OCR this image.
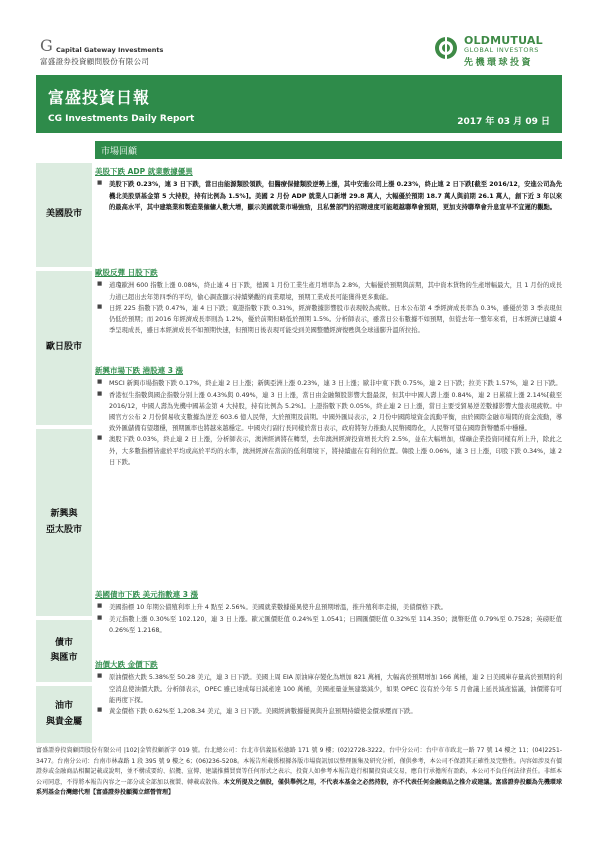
G Capital Gateway Investments
富盛證券投資顧問股份有限公司
OLDMUTUAL
GLOBAL INVESTORS
先機環球投資
富盛投資日報
CG Investments Daily Report	2017 年 03 月 09 日
市場回顧
美國股市
歐日股市
新興與
亞太股市
債市
與匯市
油市
與貴金屬
美股下跌 ADP 就業數據優異
■ 美股下跌 0.23%，連 3 日下跌，當日由能源類股領跌，但醫療保健類股逆勢上漲，其中安進公司上漲 0.23%，終止連 2 日下跌[截至 2016/12，安進公司為先機北美股票基金第 5 大持股，持有比例為 1.5%]。美國 2 月份 ADP 就業人口新增 29.8 萬人，大幅優於預期 18.7 萬人與前期 26.1 萬人，創下近 3 年以來的最高水平，其中建築業和製造業僱傭人數大增，顯示美國就業市場強勁，且私營部門的招聘速度可能超越聯準會預期，更加支持聯準會升息宣早不宜遲的觀點。
歐股反彈 日股下跌
■ 道瓊歐洲 600 指數上漲 0.08%，終止連 4 日下跌，德國 1 月份工業生產月增率為 2.8%，大幅優於預期與前期，其中資本貨物的生產增幅最大，且 1 月份的成長力道已超出去年第四季的平均，偷心調查顯示持續樂觀的商業環境，預期工業成長可能獲得更多動能。
■ 日經 225 指數下跌 0.47%，連 4 日下跌；東證指數下跌 0.31%，經濟數據影響股市表現較為疲軟。日本公布第 4 季經濟成長率為 0.3%，雖優於第 3 季表現但仍低於預期；而 2016 年經濟成長率則為 1.2%，優於前期但略低於預期 1.5%。分析師表示，雖當日公布數據不如預期，但從去年一整年來看，日本經濟已連續 4 季呈現成長，雖日本經濟成長不如預期快速，但預期日後表現可能受到美國整體經濟復甦與全球通膨升溫所拉抬。
新興市場下跌 港股連 3 漲
■ MSCI 新興市場指數下跌 0.17%，終止連 2 日上漲；新興亞洲上漲 0.23%，連 3 日上漲；歐非中東下跌 0.75%，連 2 日下跌；拉美下跌 1.57%，連 2 日下跌。
■ 香港恒生指數與國企指數分別上漲 0.43%與 0.49%，連 3 日上漲，當日由金融類股影響大盤最深，但其中中國人壽上漲 0.84%，連 2 日累積上漲 2.14%[截至 2016/12，中國人壽為先機中國基金第 4 大持股，持有比例為 5.2%]。上證指數下跌 0.05%，終止連 2 日上漲，當日主要受貿易逆差數據影響大盤表現疲軟。中國官方公布 2 月份貿易收支數據為逆差 603.6 億人民幣，大於預期及前期。中國外匯局表示，2 月份中國跨境資金流動平衡，由於國際金融市場間的資金流動，導致外匯儲備有望趨穩，預期匯率也將越來越穩定。中國央行副行長同樣於當日表示，政府將努力推動人民幣國際化，人民幣可望在國際貨幣體系中穩穩。
■ 澳股下跌 0.03%，終止連 2 日上漲，分析師表示，澳洲經濟將在轉型，去年澳洲經濟投資增長大約 2.5%，並在大幅增加，煤礦企業投資同樣有所上升，除此之外，大多數指標皆處於平均或高於平均的水準，澳洲經濟在當前的低利環境下，將持續處在有利的位置。韓股上漲 0.06%，連 3 日上漲，印股下跌 0.34%，連 2 日下跌。
美國債市下跌 美元指數連 3 漲
■ 美國指標 10 年期公債殖利率上升 4 點至 2.56%。美國就業數據優異使升息預期增溫，推升殖利率走揚，美債價格下跌。
■ 美元指數上漲 0.30%至 102.120，連 3 日上漲。歐元匯價貶值 0.24%至 1.0541；日圓匯價貶值 0.32%至 114.350；澳幣貶值 0.79%至 0.7528；英磅貶值 0.26%至 1.2168。
油價大跌 金價下跌
■ 原油價格大跌 5.38%至 50.28 美元，連 3 日下跌。美國上周 EIA 原油庫存變化為增加 821 萬桶，大幅高於預期增加 166 萬桶，連 2 日美國庫存量高於預期的利空消息使油價大跌。分析師表示，OPEC 雖已達成每日減產達 100 萬桶，美國產量並無建築減少，如果 OPEC 沒有於今年 5 月會議上延長減產協議，油價將有可能再度下探。
■ 黃金價格下跌 0.62%至 1,208.34 美元，連 3 日下跌。美國經濟數據優異與升息預期持續使金價承壓而下跌。
富盛證券投資顧問股份有限公司 |102|金管投顧新字 019 號。台北總公司：台北市信義區松德路 171 號 9 樓；(02)2728-3222。台中分公司：台中市市政北一路 77 號 14 樓之 11；(04)2251-3477。台南分公司：台南市林森路 1 段 395 號 9 樓之 6；(06)236-5208。本報告所載係根據各版市場資訊加以整理匯集及研究分析，僅供參考，本公司不保證其正確性及完整性。內容如涉及有價證券或金融商品相關記載或說明，並不構成要約、招攬、宣傳、建議推薦買賣等任何形式之表示，投資人如參考本報告進行相關投資或交易，應自行承擔所有盈虧，本公司不負任何法律責任。非經本公司同意，不得將本報告內容之一部分或全部加以複製、轉載或散佈。本文所提及之個股，僅供舉例之用，不代表本基金之必然持股，亦不代表任何金融商品之推介或建議。富盛證券投顧為先機環球系列基金台灣總代理【富盛證券投顧獨立經營管理】
